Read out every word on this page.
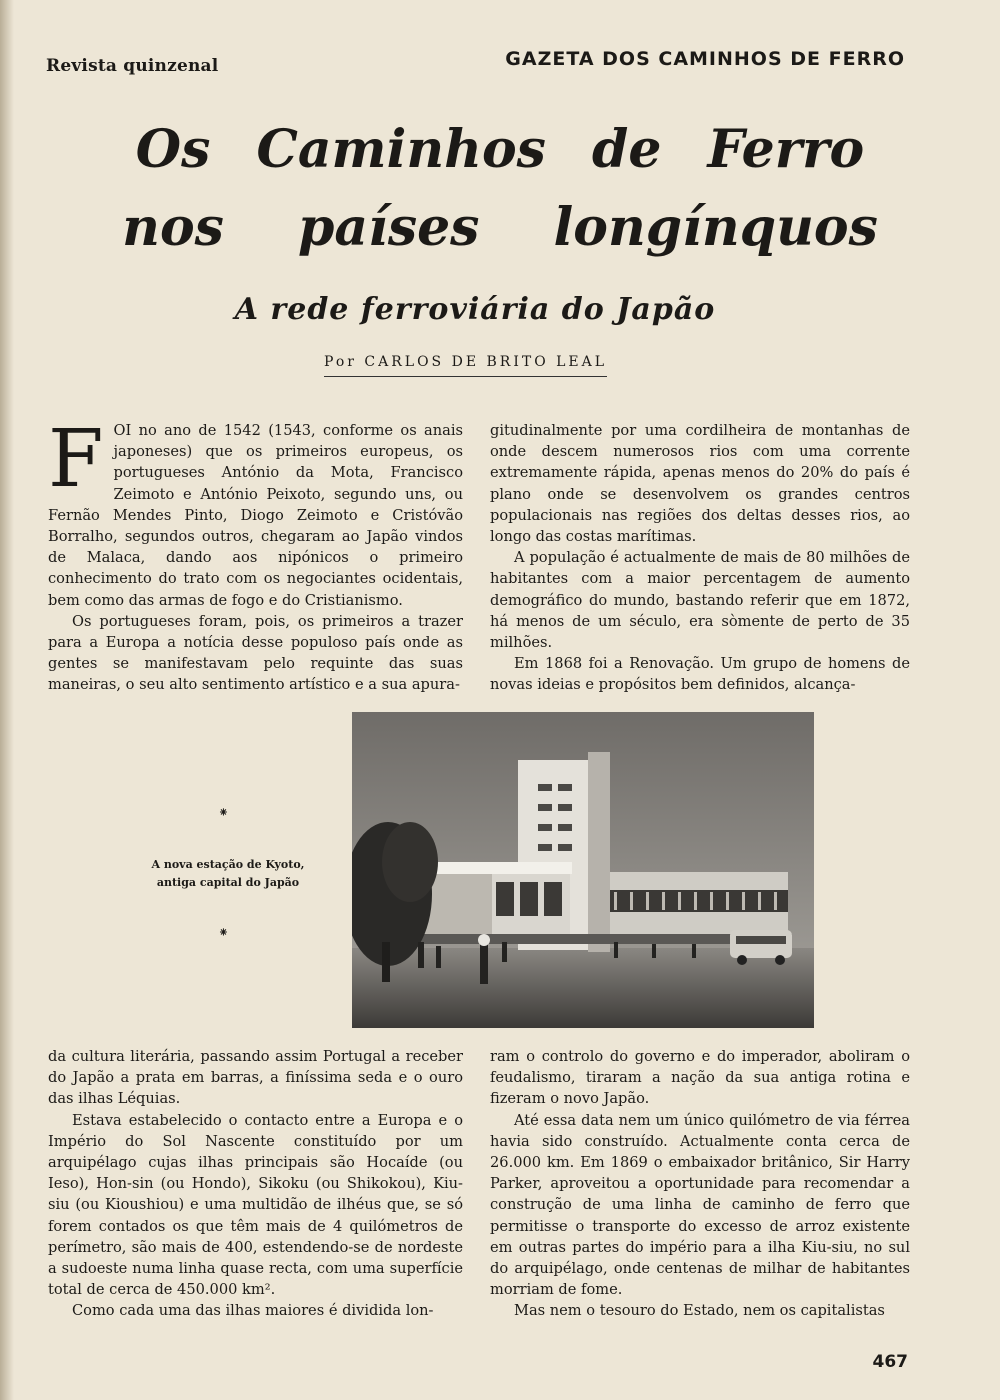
Revista quinzenal	GAZETA DOS CAMINHOS DE FERRO
Os Caminhos de Ferro
nos países longínquos
A rede ferroviária do Japão
Por CARLOS DE BRITO LEAL
F OI no ano de 1542 (1543, conforme os anais japoneses) que os primeiros europeus, os portugueses António da Mota, Francisco Zeimoto e António Peixoto, segundo uns, ou Fernão Mendes Pinto, Diogo Zeimoto e Cristóvão Borralho, segundos outros, chegaram ao Japão vindos de Malaca, dando aos nipónicos o primeiro conhecimento do trato com os negociantes ocidentais, bem como das armas de fogo e do Cristianismo.

Os portugueses foram, pois, os primeiros a trazer para a Europa a notícia desse populoso país onde as gentes se manifestavam pelo requinte das suas maneiras, o seu alto sentimento artístico e a sua apura-

gitudinalmente por uma cordilheira de montanhas de onde descem numerosos rios com uma corrente extremamente rápida, apenas menos do 20% do país é plano onde se desenvolvem os grandes centros populacionais nas regiões dos deltas desses rios, ao longo das costas marítimas.

A população é actualmente de mais de 80 milhões de habitantes com a maior percentagem de aumento demográfico do mundo, bastando referir que em 1872, há menos de um século, era sòmente de perto de 35 milhões.

Em 1868 foi a Renovação. Um grupo de homens de novas ideias e propósitos bem definidos, alcança-

⁕
A nova estação de Kyoto,
antiga capital do Japão
⁕

da cultura literária, passando assim Portugal a receber do Japão a prata em barras, a finíssima seda e o ouro das ilhas Léquias.

Estava estabelecido o contacto entre a Europa e o Império do Sol Nascente constituído por um arquipélago cujas ilhas principais são Hocaíde (ou Ieso), Hon-sin (ou Hondo), Sikoku (ou Shikokou), Kiu-siu (ou Kioushiou) e uma multidão de ilhéus que, se só forem contados os que têm mais de 4 quilómetros de perímetro, são mais de 400, estendendo-se de nordeste a sudoeste numa linha quase recta, com uma superfície total de cerca de 450.000 km².

Como cada uma das ilhas maiores é dividida lon-

ram o controlo do governo e do imperador, aboliram o feudalismo, tiraram a nação da sua antiga rotina e fizeram o novo Japão.

Até essa data nem um único quilómetro de via férrea havia sido construído. Actualmente conta cerca de 26.000 km. Em 1869 o embaixador britânico, Sir Harry Parker, aproveitou a oportunidade para recomendar a construção de uma linha de caminho de ferro que permitisse o transporte do excesso de arroz existente em outras partes do império para a ilha Kiu-siu, no sul do arquipélago, onde centenas de milhar de habitantes morriam de fome.

Mas nem o tesouro do Estado, nem os capitalistas

467
